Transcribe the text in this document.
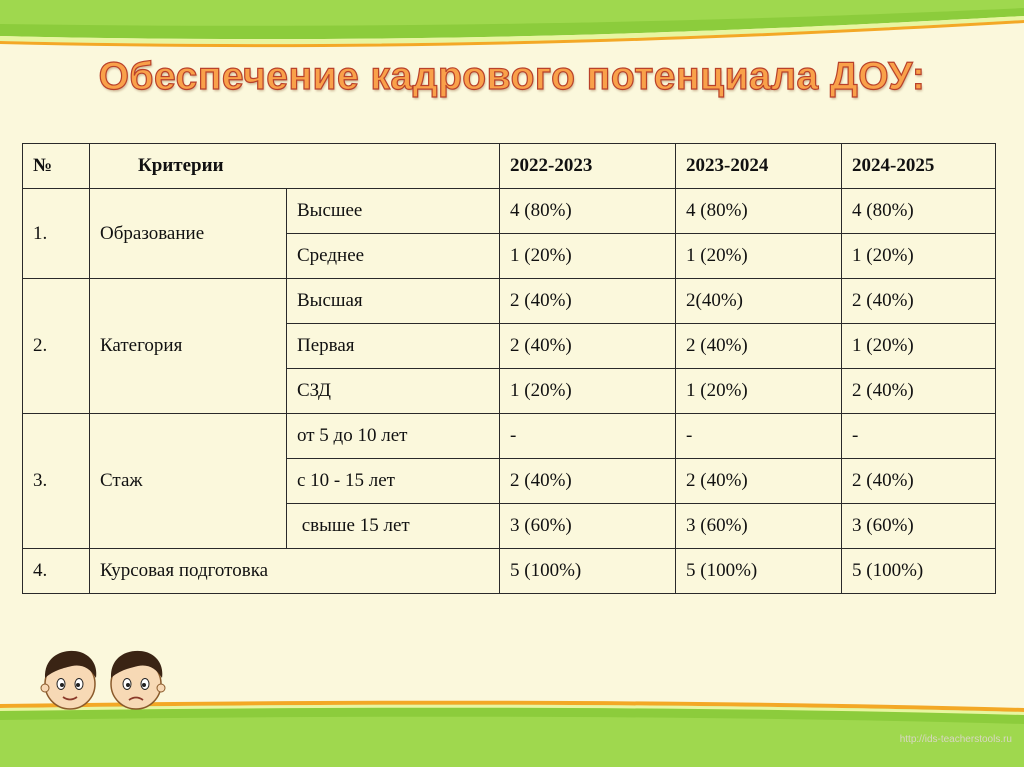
Обеспечение кадрового потенциала ДОУ:
№	Критерии		2022-2023	2023-2024	2024-2025
1.	Образование	Высшее	4 (80%)	4 (80%)	4 (80%)
		Среднее	1 (20%)	1 (20%)	1 (20%)
2.	Категория	Высшая	2 (40%)	2(40%)	2 (40%)
		Первая	2 (40%)	2 (40%)	1 (20%)
		СЗД	1 (20%)	1 (20%)	2 (40%)
3.	Стаж	от 5 до 10 лет	-	-	-
		с 10 - 15 лет	2 (40%)	2 (40%)	2 (40%)
		свыше 15 лет	3 (60%)	3 (60%)	3 (60%)
4.	Курсовая подготовка		5 (100%)	5 (100%)	5 (100%)
http://ids-teacherstools.ru
